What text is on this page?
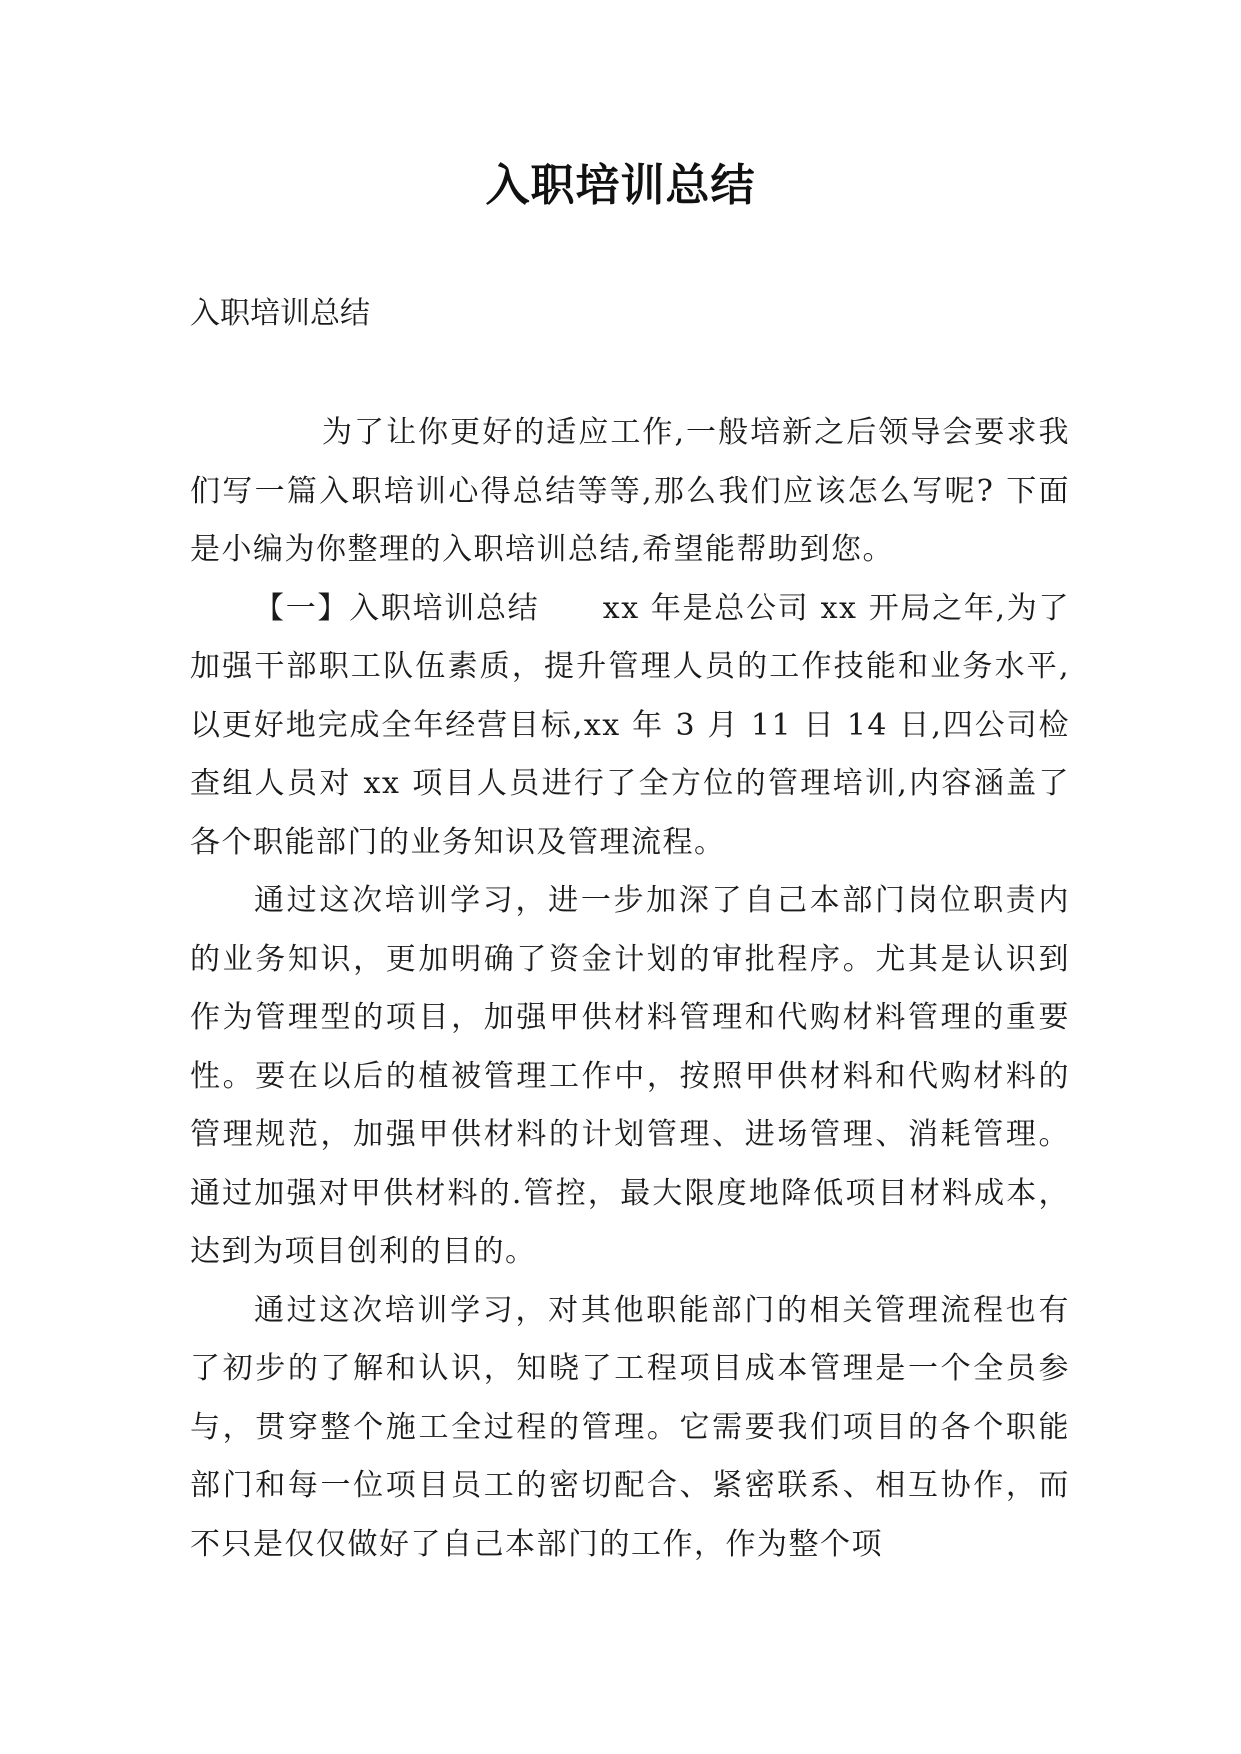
入职培训总结

入职培训总结

为了让你更好的适应工作,一般培新之后领导会要求我们写一篇入职培训心得总结等等,那么我们应该怎么写呢? 下面是小编为你整理的入职培训总结,希望能帮助到您。

【一】入职培训总结　　xx 年是总公司 xx 开局之年,为了加强干部职工队伍素质，提升管理人员的工作技能和业务水平,以更好地完成全年经营目标,xx 年 3 月 11 日 14 日,四公司检查组人员对 xx 项目人员进行了全方位的管理培训,内容涵盖了各个职能部门的业务知识及管理流程。

通过这次培训学习，进一步加深了自己本部门岗位职责内的业务知识，更加明确了资金计划的审批程序。尤其是认识到作为管理型的项目，加强甲供材料管理和代购材料管理的重要性。要在以后的植被管理工作中，按照甲供材料和代购材料的管理规范，加强甲供材料的计划管理、进场管理、消耗管理。通过加强对甲供材料的.管控，最大限度地降低项目材料成本，达到为项目创利的目的。

通过这次培训学习，对其他职能部门的相关管理流程也有了初步的了解和认识，知晓了工程项目成本管理是一个全员参与，贯穿整个施工全过程的管理。它需要我们项目的各个职能部门和每一位项目员工的密切配合、紧密联系、相互协作，而不只是仅仅做好了自己本部门的工作，作为整个项
